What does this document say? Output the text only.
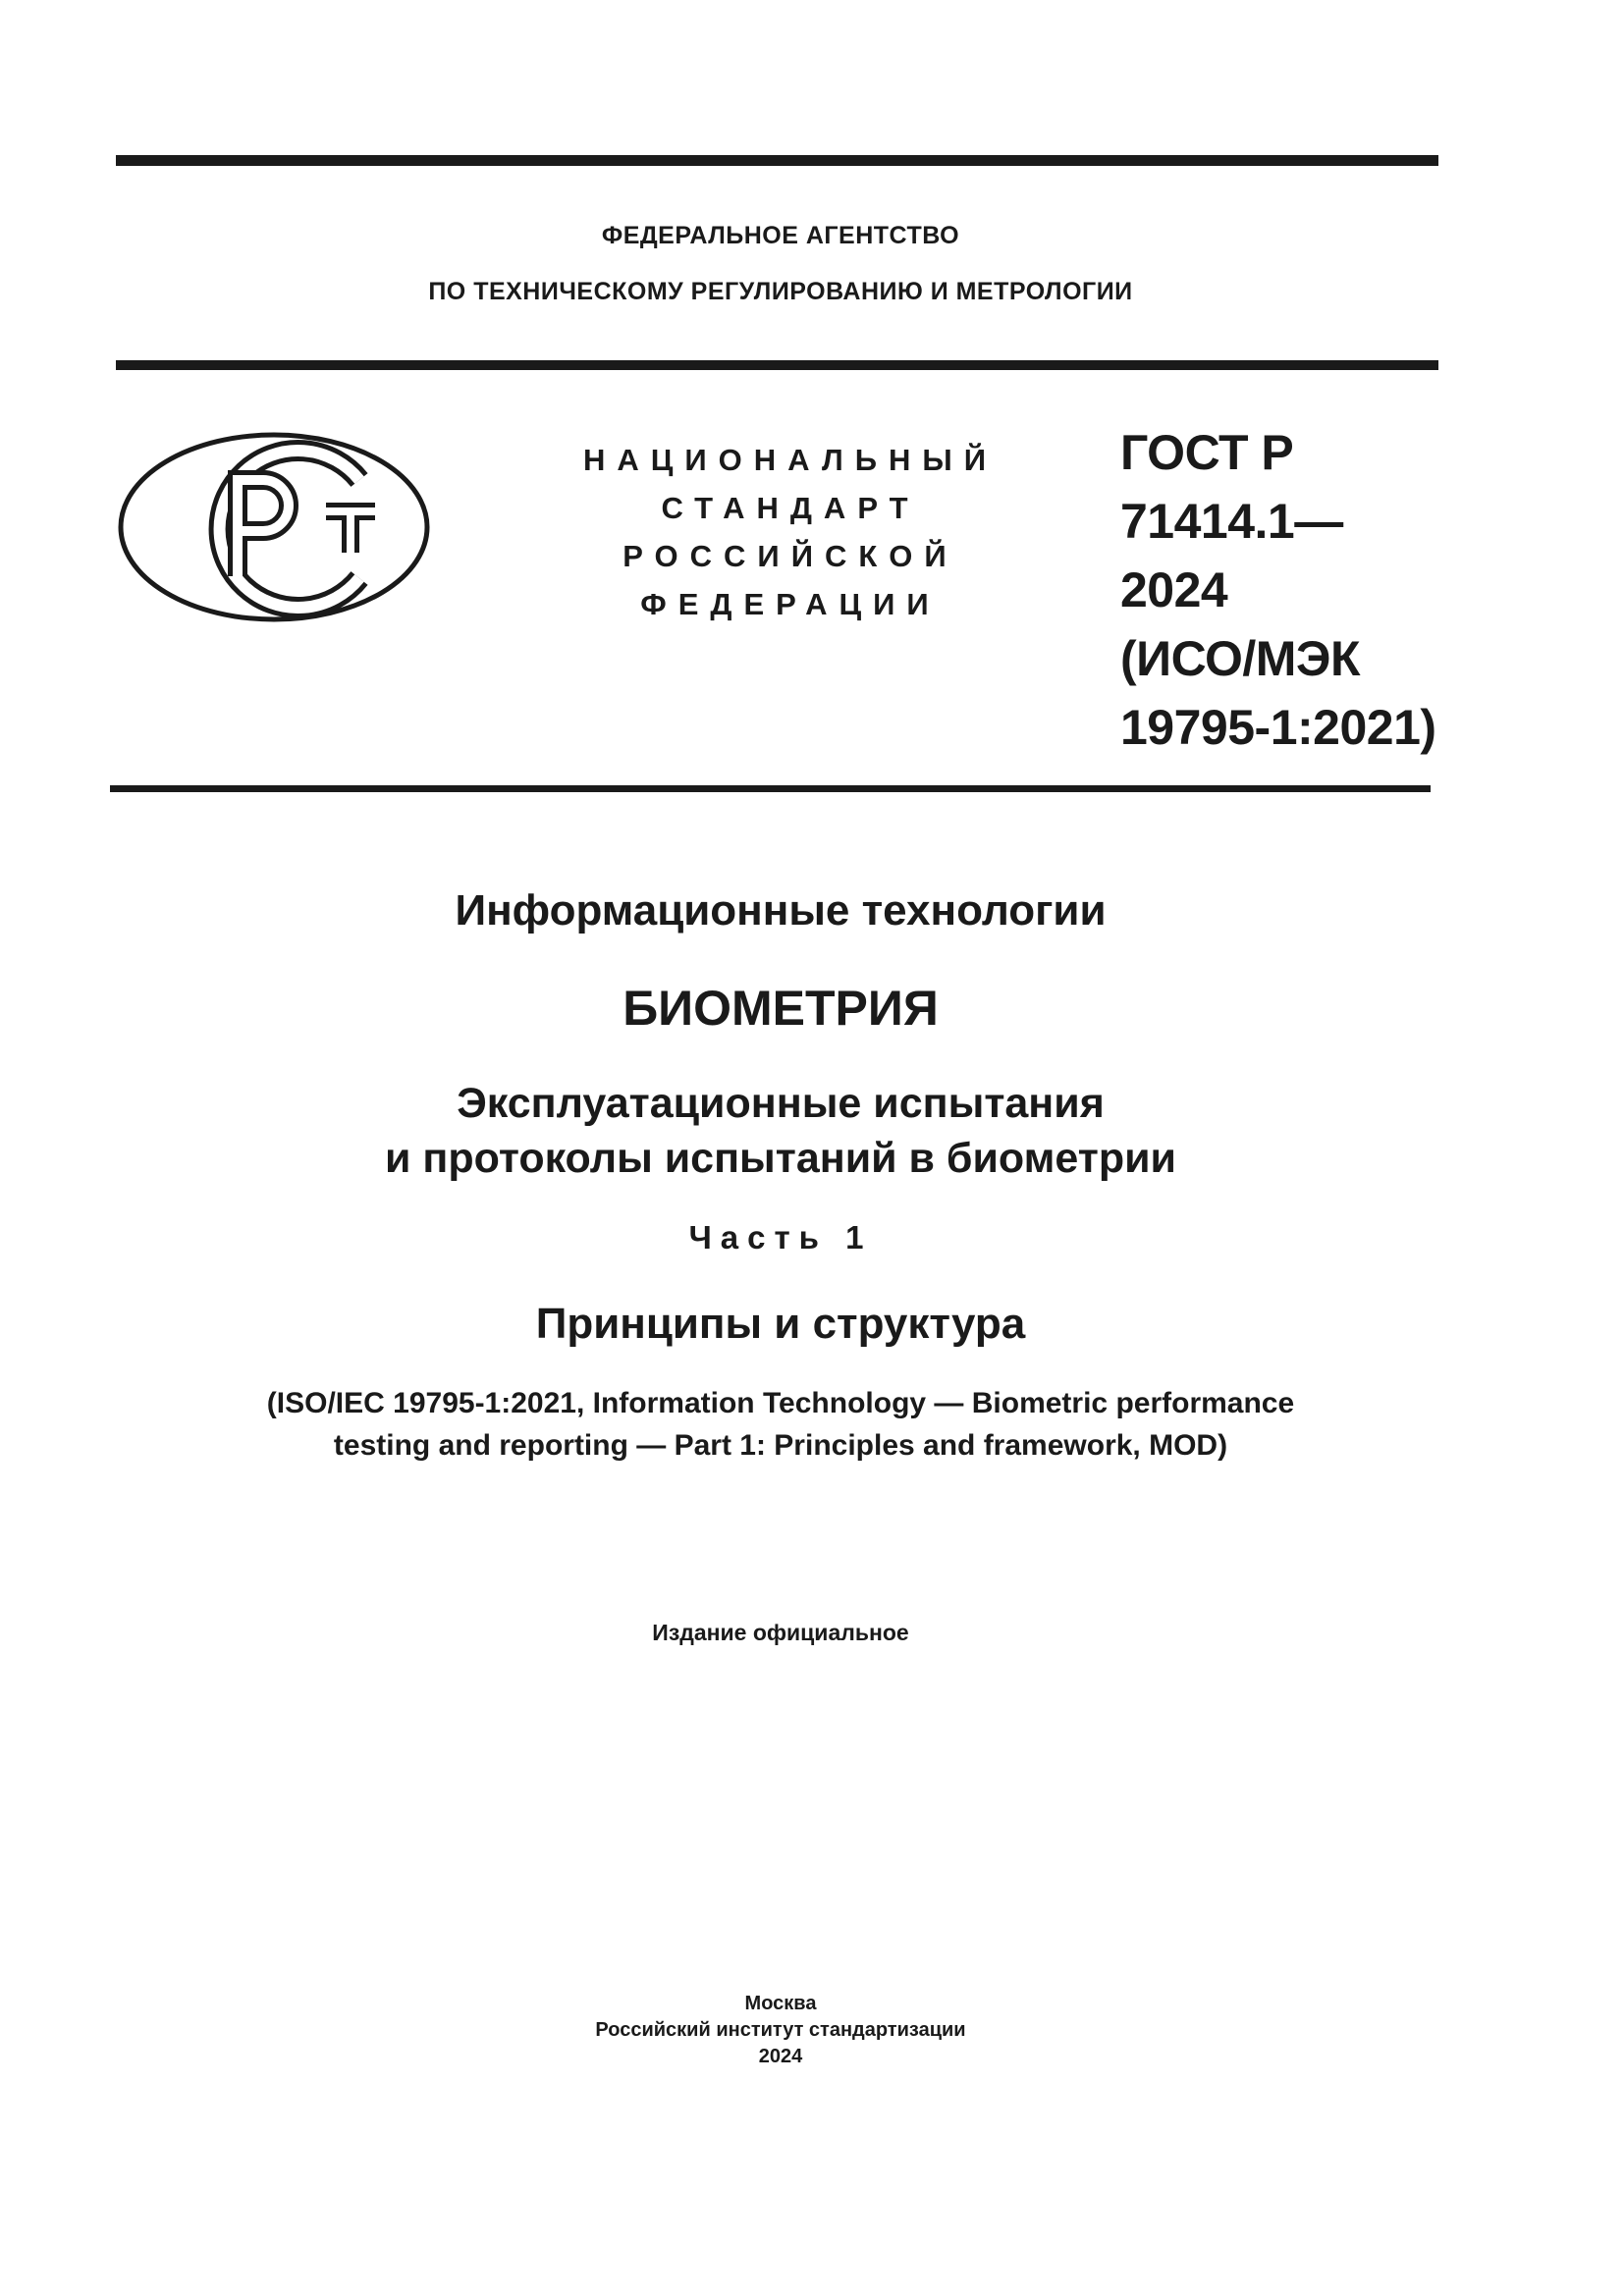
ФЕДЕРАЛЬНОЕ АГЕНТСТВО
ПО ТЕХНИЧЕСКОМУ РЕГУЛИРОВАНИЮ И МЕТРОЛОГИИ
НАЦИОНАЛЬНЫЙ
СТАНДАРТ
РОССИЙСКОЙ
ФЕДЕРАЦИИ
ГОСТ Р
71414.1—
2024
(ИСО/МЭК
19795-1:2021)
Информационные технологии
БИОМЕТРИЯ
Эксплуатационные испытания
и протоколы испытаний в биометрии
Часть 1
Принципы и структура
(ISO/IEC 19795-1:2021, Information Technology — Biometric performance
testing and reporting — Part 1: Principles and framework, MOD)
Издание официальное
Москва
Российский институт стандартизации
2024
